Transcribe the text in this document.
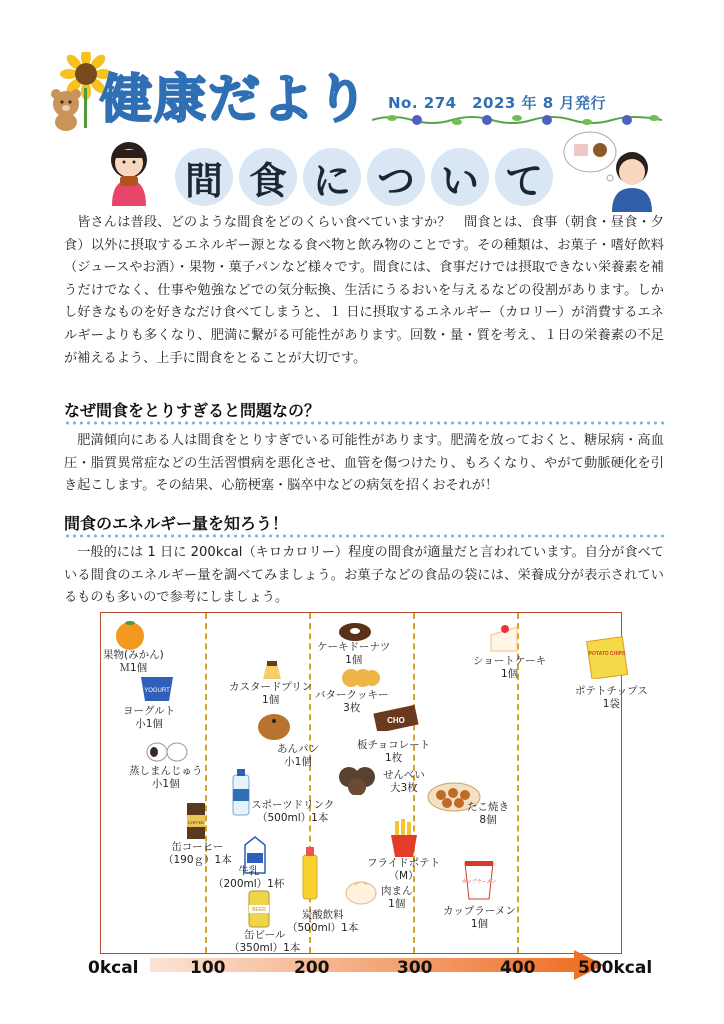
健康だより No. 274　2023 年 8 月発行
間 食 に つ い て

皆さんは普段、どのような間食をどのくらい食べていますか？　間食とは、食事（朝食・昼食・夕食）以外に摂取するエネルギー源となる食べ物と飲み物のことです。その種類は、お菓子・嗜好飲料（ジュースやお酒）・果物・菓子パンなど様々です。間食には、食事だけでは摂取できない栄養素を補うだけでなく、仕事や勉強などでの気分転換、生活にうるおいを与えるなどの役割があります。しかし好きなものを好きなだけ食べてしまうと、１ 日に摂取するエネルギー（カロリー）が消費するエネルギーよりも多くなり、肥満に繋がる可能性があります。回数・量・質を考え、１日の栄養素の不足が補えるよう、上手に間食をとることが大切です。

なぜ間食をとりすぎると問題なの？

肥満傾向にある人は間食をとりすぎでいる可能性があります。肥満を放っておくと、糖尿病・高血圧・脂質異常症などの生活習慣病を悪化させ、血管を傷つけたり、もろくなり、やがて動脈硬化を引き起こします。その結果、心筋梗塞・脳卒中などの病気を招くおそれが！

間食のエネルギー量を知ろう！

一般的には 1 日に 200kcal（キロカロリー）程度の間食が適量だと言われています。自分が食べている間食のエネルギー量を調べてみましょう。お菓子などの食品の袋には、栄養成分が表示されているものも多いので参考にしましょう。

YOGURT
COFFEE
BEER
CHO
カップラーメン
POTATO CHIPS
果物(みかん)
Ｍ1個
ヨーグルト
小1個
蒸しまんじゅう
小1個
缶コーヒー
（190ｇ）1本
牛乳
（200ml）1杯
缶ビール
（350ml）1本
カスタードプリン
1個
あんパン
小1個
スポーツドリンク
（500ml）1本
炭酸飲料
（500ml）1本
ケーキドーナツ
1個
バタークッキー
3枚
板チョコレート
1枚
せんべい
大3枚
フライドポテト
（M）
肉まん
1個
ショートケーキ
1個
たこ焼き
8個
カップラーメン
1個
ポテトチップス
1袋
0kcal	100	200	300	400	500kcal
